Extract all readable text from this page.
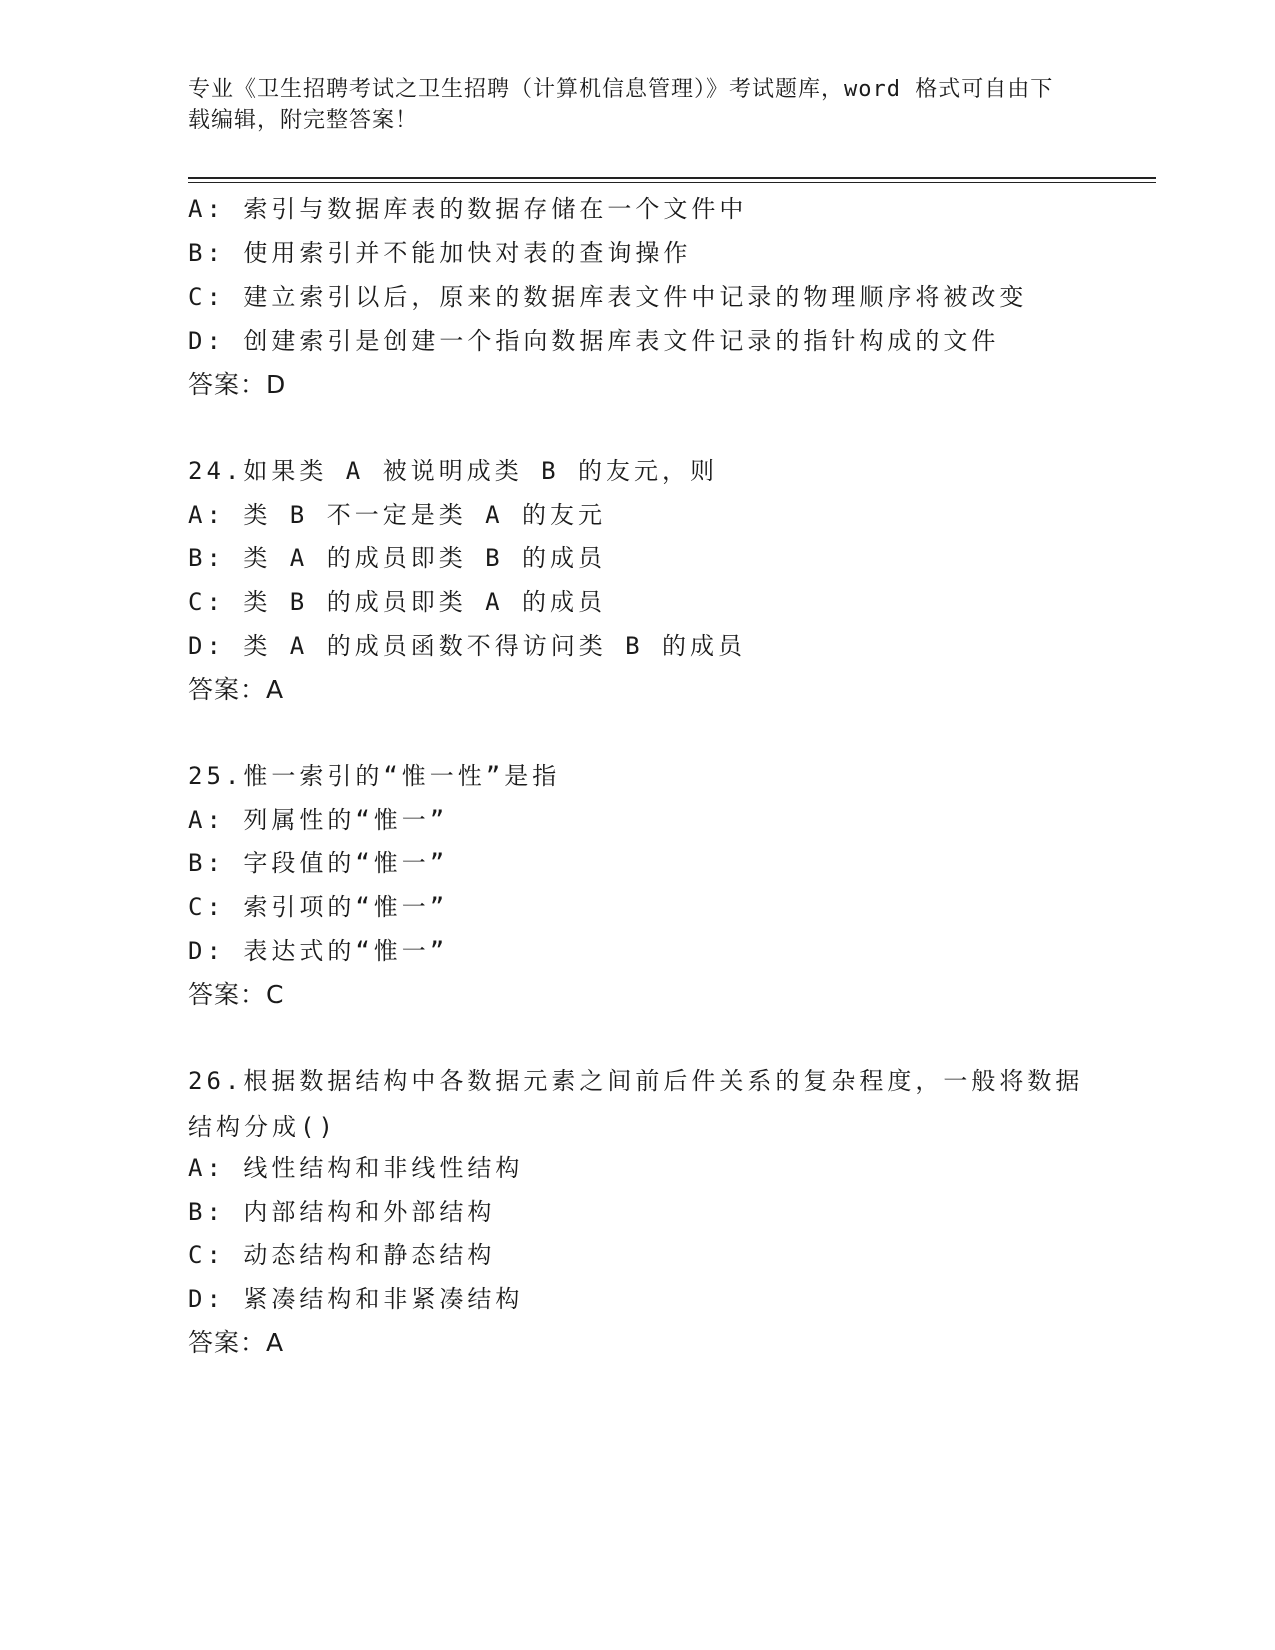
专业《卫生招聘考试之卫生招聘（计算机信息管理）》考试题库，word 格式可自由下载编辑，附完整答案！
A: 索引与数据库表的数据存储在一个文件中
B: 使用索引并不能加快对表的查询操作
C: 建立索引以后，原来的数据库表文件中记录的物理顺序将被改变
D: 创建索引是创建一个指向数据库表文件记录的指针构成的文件
答案：D
24.如果类 A 被说明成类 B 的友元，则
A: 类 B 不一定是类 A 的友元
B: 类 A 的成员即类 B 的成员
C: 类 B 的成员即类 A 的成员
D: 类 A 的成员函数不得访问类 B 的成员
答案：A
25.惟一索引的“惟一性”是指
A: 列属性的“惟一”
B: 字段值的“惟一”
C: 索引项的“惟一”
D: 表达式的“惟一”
答案：C
26.根据数据结构中各数据元素之间前后件关系的复杂程度，一般将数据结构分成()
A: 线性结构和非线性结构
B: 内部结构和外部结构
C: 动态结构和静态结构
D: 紧凑结构和非紧凑结构
答案：A
